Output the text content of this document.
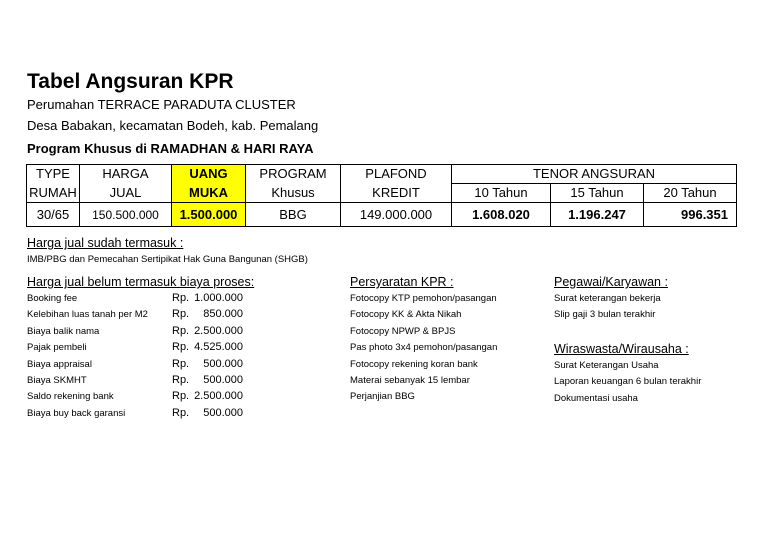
Tabel Angsuran KPR
Perumahan TERRACE PARADUTA CLUSTER
Desa Babakan, kecamatan Bodeh, kab. Pemalang
Program Khusus di RAMADHAN & HARI RAYA
TYPE	HARGA	UANG	PROGRAM	PLAFOND	TENOR ANGSURAN		
RUMAH	JUAL	MUKA	Khusus	KREDIT	10 Tahun	15 Tahun	20 Tahun
30/65	150.500.000	1.500.000	BBG	149.000.000	1.608.020	1.196.247	996.351
Harga jual sudah termasuk :
IMB/PBG dan Pemecahan Sertipikat Hak Guna Bangunan (SHGB)
Harga jual belum termasuk biaya proses:
Booking fee	Rp. 1.000.000
Kelebihan luas tanah per M2 Rp. 850.000
Biaya balik nama	Rp. 2.500.000
Pajak pembeli	Rp. 4.525.000
Biaya appraisal	Rp. 500.000
Biaya SKMHT	Rp. 500.000
Saldo rekening bank	Rp. 2.500.000
Biaya buy back garansi	Rp. 500.000
Persyaratan KPR :
Fotocopy KTP pemohon/pasangan
Fotocopy KK & Akta Nikah
Fotocopy NPWP & BPJS
Pas photo 3x4 pemohon/pasangan
Fotocopy rekening koran bank
Materai sebanyak 15 lembar
Perjanjian BBG
Pegawai/Karyawan :
Surat keterangan bekerja
Slip gaji 3 bulan terakhir
Wiraswasta/Wirausaha :
Surat Keterangan Usaha
Laporan keuangan 6 bulan terakhir
Dokumentasi usaha
